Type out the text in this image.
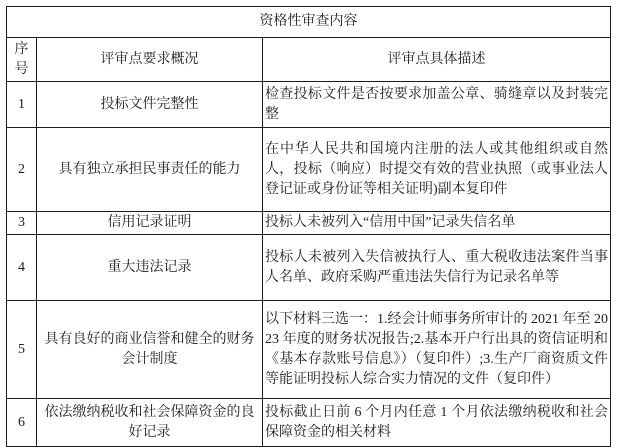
资格性审查内容		
序号	评审点要求概况	评审点具体描述
1	投标文件完整性	检查投标文件是否按要求加盖公章、骑缝章以及封装完整
2	具有独立承担民事责任的能力	在中华人民共和国境内注册的法人或其他组织或自然人，投标（响应）时提交有效的营业执照（或事业法人登记证或身份证等相关证明)副本复印件
3	信用记录证明	投标人未被列入“信用中国”记录失信名单
4	重大违法记录	投标人未被列入失信被执行人、重大税收违法案件当事人名单、政府采购严重违法失信行为记录名单等
5	具有良好的商业信誉和健全的财务会计制度	以下材料三选一：1.经会计师事务所审计的 2021 年至 2023 年度的财务状况报告;2.基本开户行出具的资信证明和《基本存款账号信息》）（复印件）;3.生产厂商资质文件等能证明投标人综合实力情况的文件（复印件）
6	依法缴纳税收和社会保障资金的良好记录	投标截止日前 6 个月内任意 1 个月依法缴纳税收和社会保障资金的相关材料
